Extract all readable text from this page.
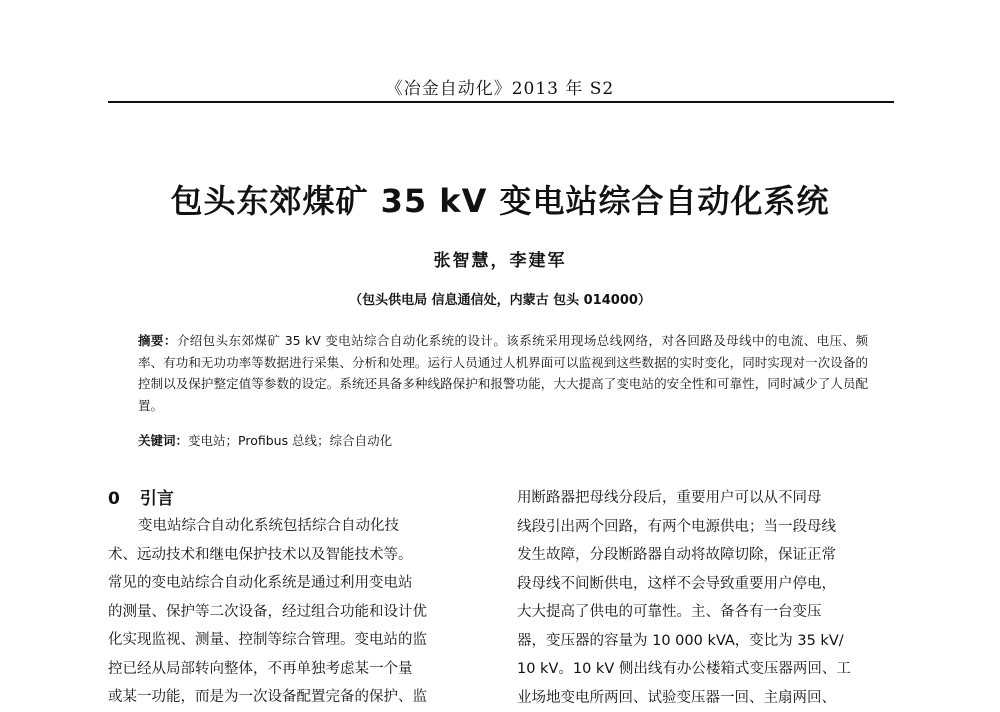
《冶金自动化》2013 年 S2
包头东郊煤矿 35 kV 变电站综合自动化系统
张智慧，李建军
（包头供电局 信息通信处，内蒙古 包头 014000）
摘要：介绍包头东郊煤矿 35 kV 变电站综合自动化系统的设计。该系统采用现场总线网络，对各回路及母线中的电流、电压、频率、有功和无功功率等数据进行采集、分析和处理。运行人员通过人机界面可以监视到这些数据的实时变化，同时实现对一次设备的控制以及保护整定值等参数的设定。系统还具备多种线路保护和报警功能，大大提高了变电站的安全性和可靠性，同时减少了人员配置。
关键词：变电站；Profibus 总线；综合自动化
0 引言
变电站综合自动化系统包括综合自动化技
术、远动技术和继电保护技术以及智能技术等。
常见的变电站综合自动化系统是通过利用变电站
的测量、保护等二次设备，经过组合功能和设计优
化实现监视、测量、控制等综合管理。变电站的监
控已经从局部转向整体，不再单独考虑某一个量
或某一功能，而是为一次设备配置完备的保护、监
用断路器把母线分段后，重要用户可以从不同母
线段引出两个回路，有两个电源供电；当一段母线
发生故障，分段断路器自动将故障切除，保证正常
段母线不间断供电，这样不会导致重要用户停电，
大大提高了供电的可靠性。主、备各有一台变压
器，变压器的容量为 10 000 kVA，变比为 35 kV/
10 kV。10 kV 侧出线有办公楼箱式变压器两回、工
业场地变电所两回、试验变压器一回、主扇两回、
